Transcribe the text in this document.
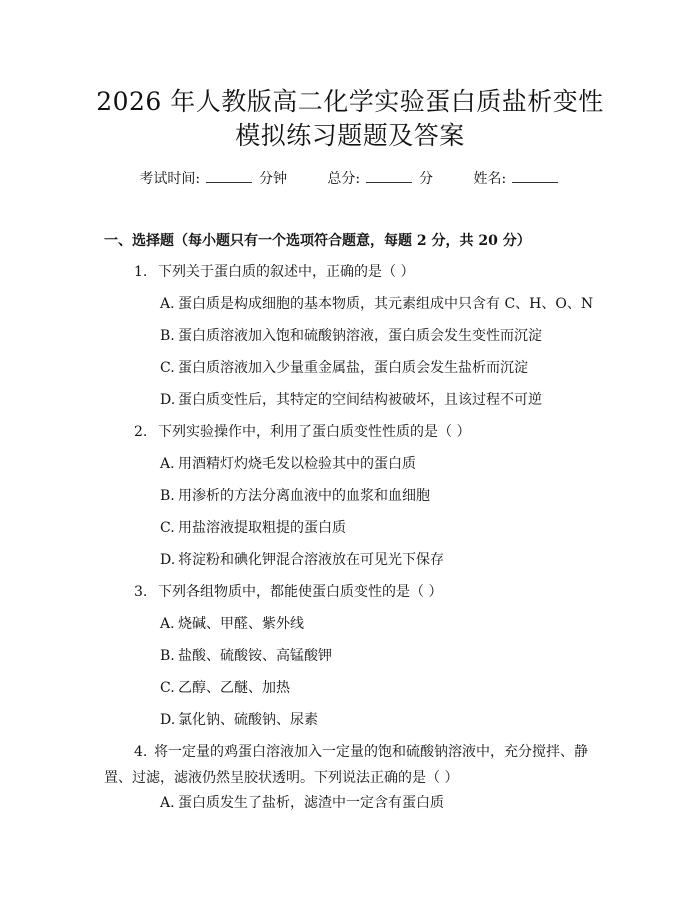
2026 年人教版高二化学实验蛋白质盐析变性
模拟练习题题及答案
考试时间:	分钟	总分:	分	姓名:
一、选择题（每小题只有一个选项符合题意，每题 2 分，共 20 分）
1. 下列关于蛋白质的叙述中，正确的是（ ）
A. 蛋白质是构成细胞的基本物质，其元素组成中只含有 C、H、O、N
B. 蛋白质溶液加入饱和硫酸钠溶液，蛋白质会发生变性而沉淀
C. 蛋白质溶液加入少量重金属盐，蛋白质会发生盐析而沉淀
D. 蛋白质变性后，其特定的空间结构被破坏，且该过程不可逆
2. 下列实验操作中，利用了蛋白质变性性质的是（ ）
A. 用酒精灯灼烧毛发以检验其中的蛋白质
B. 用渗析的方法分离血液中的血浆和血细胞
C. 用盐溶液提取粗提的蛋白质
D. 将淀粉和碘化钾混合溶液放在可见光下保存
3. 下列各组物质中，都能使蛋白质变性的是（ ）
A. 烧碱、甲醛、紫外线
B. 盐酸、硫酸铵、高锰酸钾
C. 乙醇、乙醚、加热
D. 氯化钠、硫酸钠、尿素
4. 将一定量的鸡蛋白溶液加入一定量的饱和硫酸钠溶液中，充分搅拌、静置、过滤，滤液仍然呈胶状透明。下列说法正确的是（ ）
A. 蛋白质发生了盐析，滤渣中一定含有蛋白质
